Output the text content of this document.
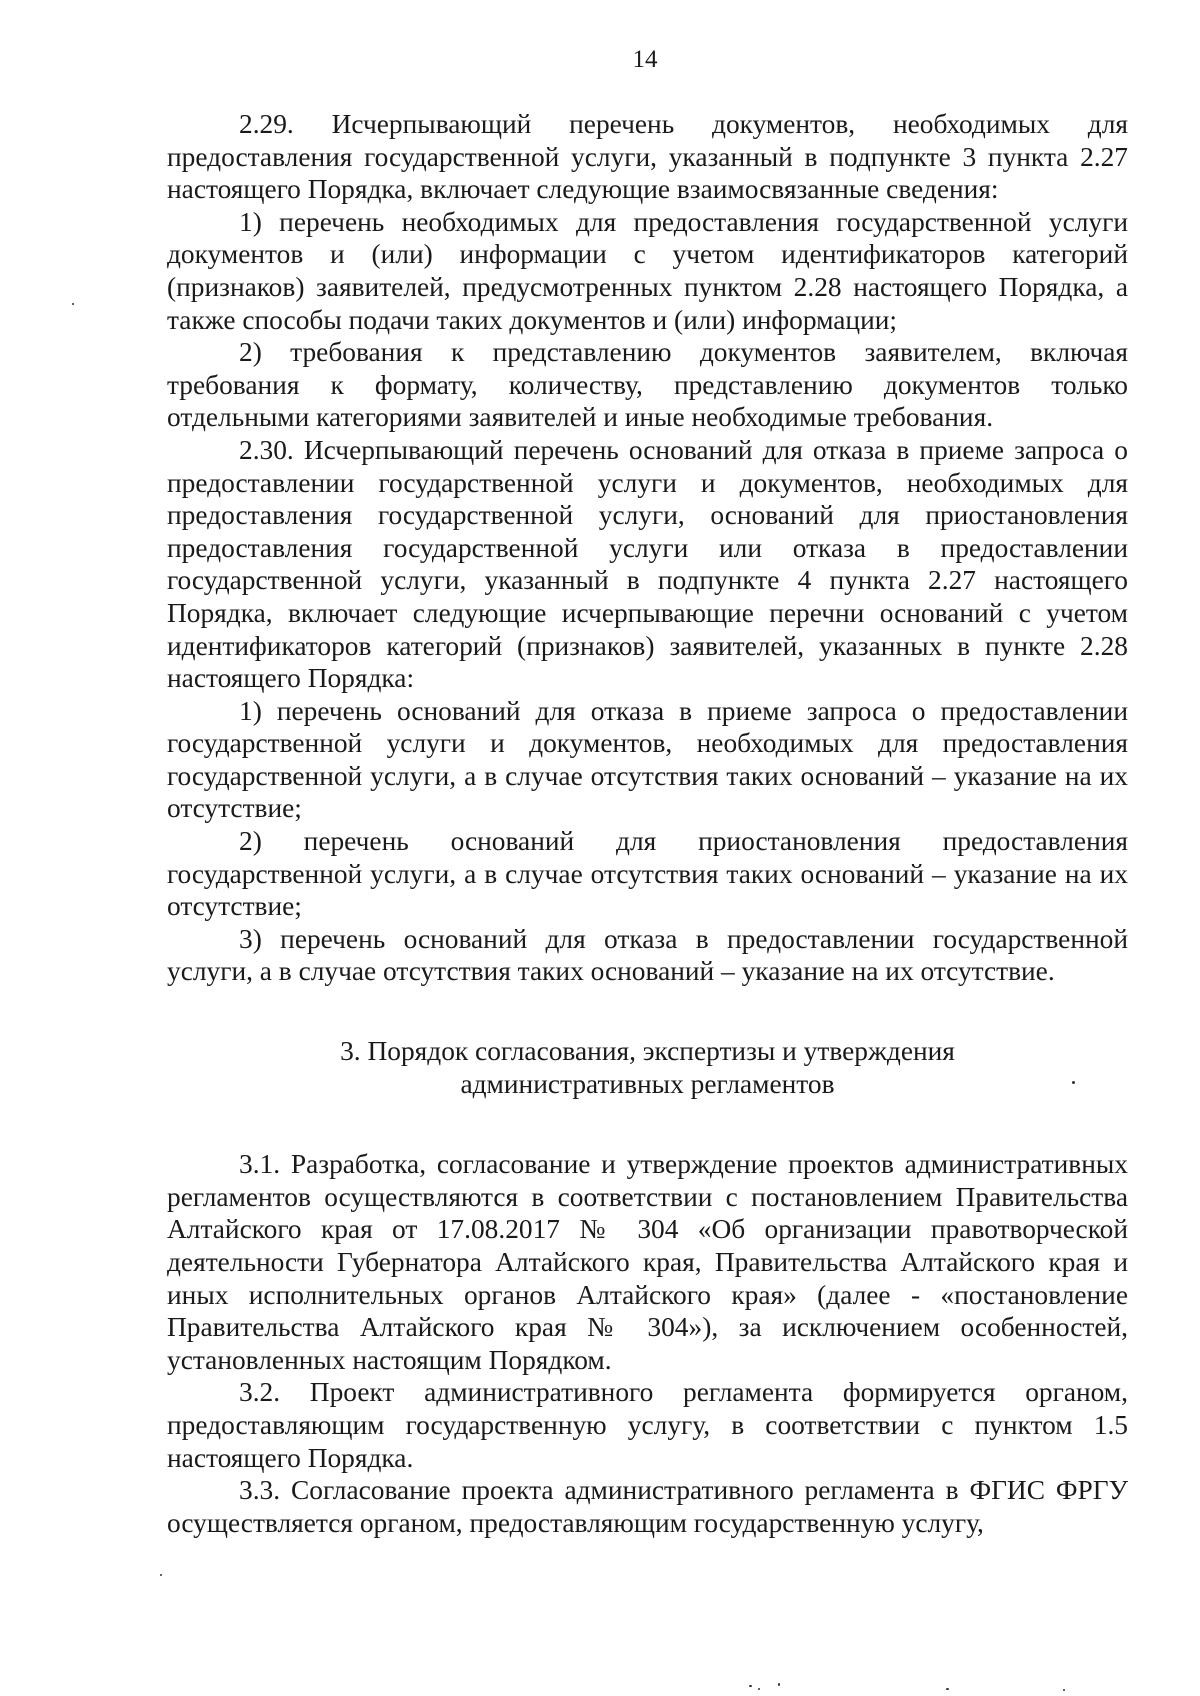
14

2.29. Исчерпывающий перечень документов, необходимых для предоставления государственной услуги, указанный в подпункте 3 пункта 2.27 настоящего Порядка, включает следующие взаимосвязанные сведения:

1) перечень необходимых для предоставления государственной услуги документов и (или) информации с учетом идентификаторов категорий (признаков) заявителей, предусмотренных пунктом 2.28 настоящего Порядка, а также способы подачи таких документов и (или) информации;

2) требования к представлению документов заявителем, включая требования к формату, количеству, представлению документов только отдельными категориями заявителей и иные необходимые требования.

2.30. Исчерпывающий перечень оснований для отказа в приеме запроса о предоставлении государственной услуги и документов, необходимых для предоставления государственной услуги, оснований для приостановления предоставления государственной услуги или отказа в предоставлении государственной услуги, указанный в подпункте 4 пункта 2.27 настоящего Порядка, включает следующие исчерпывающие перечни оснований с учетом идентификаторов категорий (признаков) заявителей, указанных в пункте 2.28 настоящего Порядка:

1) перечень оснований для отказа в приеме запроса о предоставлении государственной услуги и документов, необходимых для предоставления государственной услуги, а в случае отсутствия таких оснований – указание на их отсутствие;

2) перечень оснований для приостановления предоставления государственной услуги, а в случае отсутствия таких оснований – указание на их отсутствие;

3) перечень оснований для отказа в предоставлении государственной услуги, а в случае отсутствия таких оснований – указание на их отсутствие.

3. Порядок согласования, экспертизы и утверждения
административных регламентов

3.1. Разработка, согласование и утверждение проектов административных регламентов осуществляются в соответствии с постановлением Правительства Алтайского края от 17.08.2017 № 304 «Об организации правотворческой деятельности Губернатора Алтайского края, Правительства Алтайского края и иных исполнительных органов Алтайского края» (далее - «постановление Правительства Алтайского края № 304»), за исключением особенностей, установленных настоящим Порядком.

3.2. Проект административного регламента формируется органом, предоставляющим государственную услугу, в соответствии с пунктом 1.5 настоящего Порядка.

3.3. Согласование проекта административного регламента в ФГИС ФРГУ осуществляется органом, предоставляющим государственную услугу,
